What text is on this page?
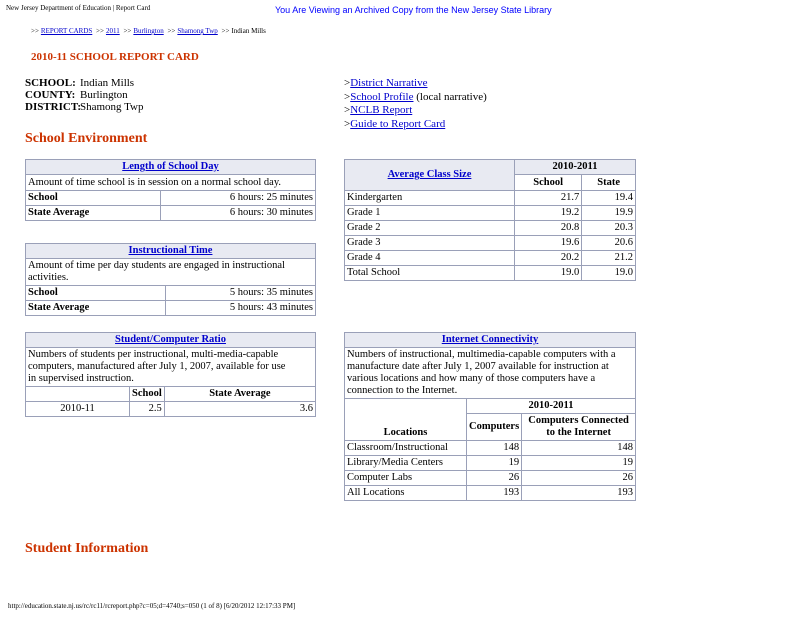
New Jersey Department of Education | Report Card	You Are Viewing an Archived Copy from the New Jersey State Library
>> REPORT CARDS >> 2011 >> Burlington >> Shamong Twp >> Indian Mills
2010-11 SCHOOL REPORT CARD
SCHOOL: Indian Mills
COUNTY: Burlington
DISTRICT:Shamong Twp
>District Narrative
>School Profile (local narrative)
>NCLB Report
>Guide to Report Card
School Environment
Length of School Day	
Amount of time school is in session on a normal school day.	
School	6 hours: 25 minutes
State Average	6 hours: 30 minutes
Instructional Time	
Amount of time per day students are engaged in instructional activities.	
School	5 hours: 35 minutes
State Average	5 hours: 43 minutes
Student/Computer Ratio		
Numbers of students per instructional, multi-media-capable computers, manufactured after July 1, 2007, available for use in supervised instruction.		
	School	State Average
2010-11	2.5	3.6
Average Class Size	2010-2011	
	School	State
Kindergarten	21.7	19.4
Grade 1	19.2	19.9
Grade 2	20.8	20.3
Grade 3	19.6	20.6
Grade 4	20.2	21.2
Total School	19.0	19.0
Internet Connectivity		
Numbers of instructional, multimedia-capable computers with a manufacture date after July 1, 2007 available for instruction at various locations and how many of those computers have a connection to the Internet.		
Locations	2010-2011	
	Computers	Computers Connected to the Internet
Classroom/Instructional	148	148
Library/Media Centers	19	19
Computer Labs	26	26
All Locations	193	193
Student Information
http://education.state.nj.us/rc/rc11/rcreport.php?c=05;d=4740;s=050 (1 of 8) [6/20/2012 12:17:33 PM]
